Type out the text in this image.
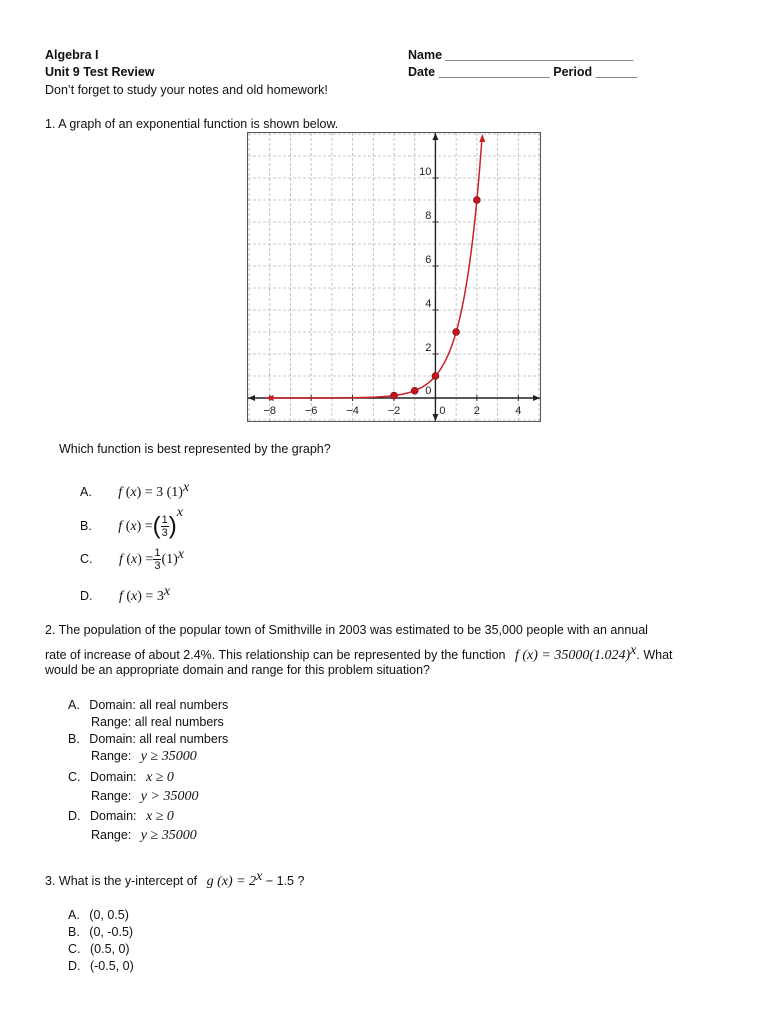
Algebra I
Unit 9 Test Review
Don’t forget to study your notes and old homework!
Name ___________________________
Date ________________ Period ______
1. A graph of an exponential function is shown below.
−8	−6	−4	−2	0	2	4
2
4
6
8
10
0
Which function is best represented by the graph?
A. f (x) = 3 $(1)^x$
B. f (x) =( $\frac{1}{3} )^x$
C. f $(x) = \frac{1}{3} (1)^x$
D. f $(x) = 3^x$
2. The population of the popular town of Smithville in 2003 was estimated to be 35,000 people with an annual
rate of increase of about 2.4%. This relationship can be represented by the function f $(x) = 35000(1.024)^x$. What
would be an appropriate domain and range for this problem situation?
A. Domain: all real numbers
Range: all real numbers
B. Domain: all real numbers
Range: y ≥ 35000
C. Domain: x ≥ 0
Range: y > 35000
D. Domain: x ≥ 0
Range: y ≥ 35000
3. What is the y-intercept of g $(x) = 2^x - 1.5$ ?
A. (0, 0.5)
B. (0, -0.5)
C. (0.5, 0)
D. (-0.5, 0)
